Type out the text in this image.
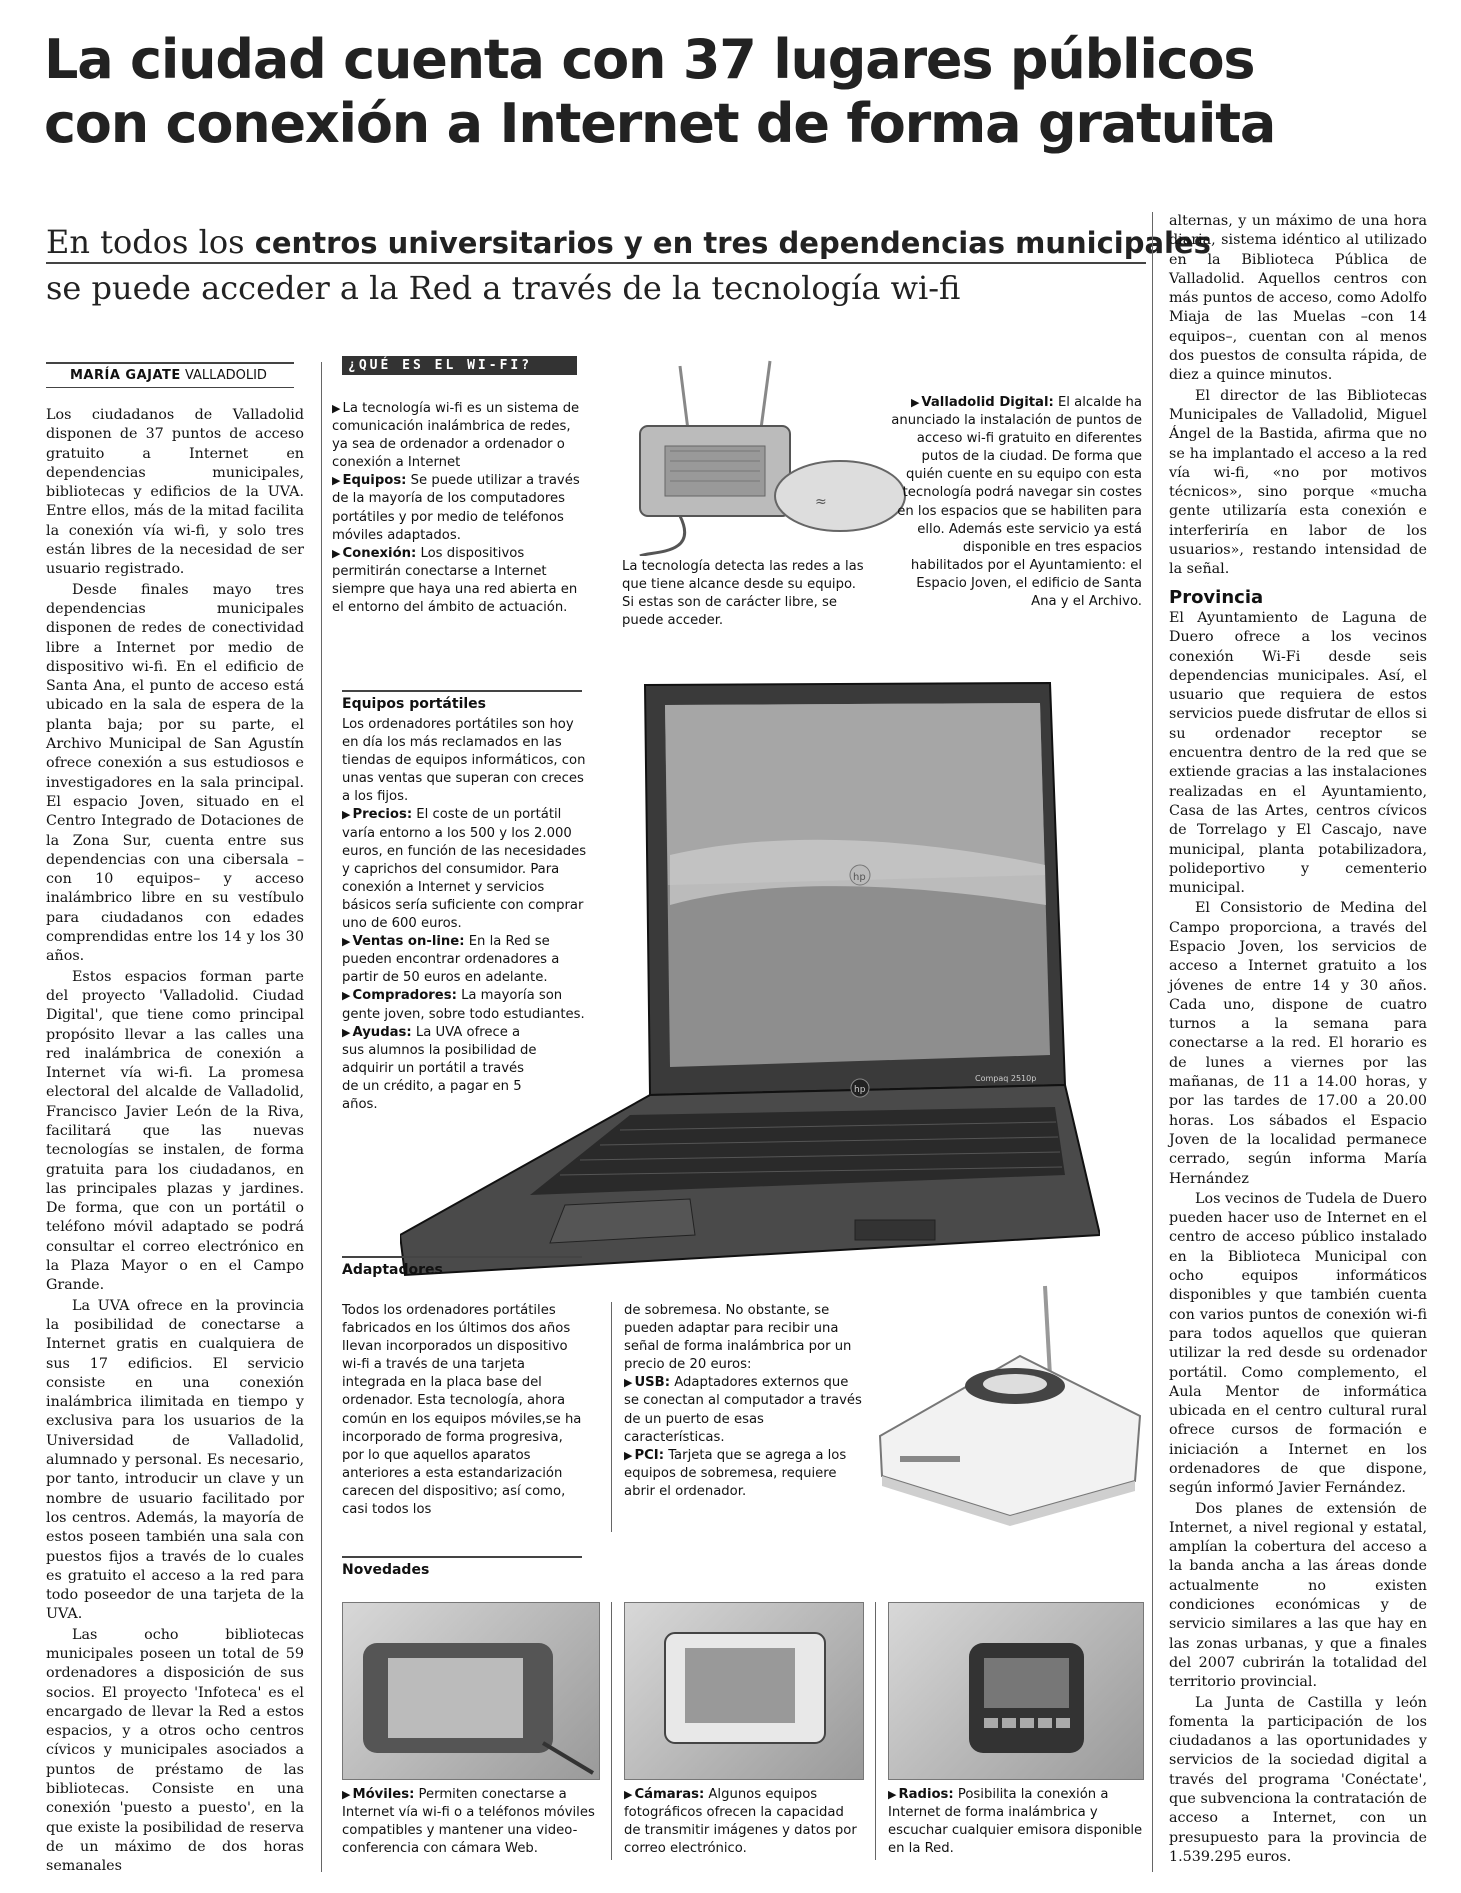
La ciudad cuenta con 37 lugares públicos
con conexión a Internet de forma gratuita
En todos los centros universitarios y en tres dependencias municipales
se puede acceder a la Red a través de la tecnología wi-fi
MARÍA GAJATE VALLADOLID

Los ciudadanos de Valladolid disponen de 37 puntos de acceso gratuito a Internet en dependencias municipales, bibliotecas y edificios de la UVA. Entre ellos, más de la mitad facilita la conexión vía wi-fi, y solo tres están libres de la necesidad de ser usuario registrado.

Desde finales mayo tres dependencias municipales disponen de redes de conectividad libre a Internet por medio de dispositivo wi-fi. En el edificio de Santa Ana, el punto de acceso está ubicado en la sala de espera de la planta baja; por su parte, el Archivo Municipal de San Agustín ofrece conexión a sus estudiosos e investigadores en la sala principal. El espacio Joven, situado en el Centro Integrado de Dotaciones de la Zona Sur, cuenta entre sus dependencias con una cibersala –con 10 equipos– y acceso inalámbrico libre en su vestíbulo para ciudadanos con edades comprendidas entre los 14 y los 30 años.

Estos espacios forman parte del proyecto 'Valladolid. Ciudad Digital', que tiene como principal propósito llevar a las calles una red inalámbrica de conexión a Internet vía wi-fi. La promesa electoral del alcalde de Valladolid, Francisco Javier León de la Riva, facilitará que las nuevas tecnologías se instalen, de forma gratuita para los ciudadanos, en las principales plazas y jardines. De forma, que con un portátil o teléfono móvil adaptado se podrá consultar el correo electrónico en la Plaza Mayor o en el Campo Grande.

La UVA ofrece en la provincia la posibilidad de conectarse a Internet gratis en cualquiera de sus 17 edificios. El servicio consiste en una conexión inalámbrica ilimitada en tiempo y exclusiva para los usuarios de la Universidad de Valladolid, alumnado y personal. Es necesario, por tanto, introducir un clave y un nombre de usuario facilitado por los centros. Además, la mayoría de estos poseen también una sala con puestos fijos a través de lo cuales es gratuito el acceso a la red para todo poseedor de una tarjeta de la UVA.

Las ocho bibliotecas municipales poseen un total de 59 ordenadores a disposición de sus socios. El proyecto 'Infoteca' es el encargado de llevar la Red a estos espacios, y a otros ocho centros cívicos y municipales asociados a puntos de préstamo de las bibliotecas. Consiste en una conexión 'puesto a puesto', en la que existe la posibilidad de reserva de un máximo de dos horas semanales

¿QUÉ ES EL WI-FI?
▶ La tecnología wi-fi es un sistema de comunicación inalámbrica de redes, ya sea de ordenador a ordenador o conexión a Internet
▶ Equipos: Se puede utilizar a través de la mayoría de los computadores portátiles y por medio de teléfonos móviles adaptados.
▶ Conexión: Los dispositivos permitirán conectarse a Internet siempre que haya una red abierta en el entorno del ámbito de actuación.
≈
La tecnología detecta las redes a las que tiene alcance desde su equipo. Si estas son de carácter libre, se puede acceder.
▶ Valladolid Digital: El alcalde ha anunciado la instalación de puntos de acceso wi-fi gratuito en diferentes putos de la ciudad. De forma que quién cuente en su equipo con esta tecnología podrá navegar sin costes en los espacios que se habiliten para ello. Además este servicio ya está disponible en tres espacios habilitados por el Ayuntamiento: el Espacio Joven, el edificio de Santa Ana y el Archivo.
Equipos portátiles
Los ordenadores portátiles son hoy en día los más reclamados en las tiendas de equipos informáticos, con unas ventas que superan con creces a los fijos.
▶ Precios: El coste de un portátil varía entorno a los 500 y los 2.000 euros, en función de las necesidades y caprichos del consumidor. Para conexión a Internet y servicios básicos sería suficiente con comprar uno de 600 euros.
▶ Ventas on-line: En la Red se pueden encontrar ordenadores a partir de 50 euros en adelante.
▶ Compradores: La mayoría son gente joven, sobre todo estudiantes.
▶ Ayudas: La UVA ofrece a sus alumnos la posibilidad de adquirir un portátil a través de un crédito, a pagar en 5 años.
hp
hp
Compaq 2510p
Adaptadores
Todos los ordenadores portátiles fabricados en los últimos dos años llevan incorporados un dispositivo wi-fi a través de una tarjeta integrada en la placa base del ordenador. Esta tecnología, ahora común en los equipos móviles,se ha incorporado de forma progresiva, por lo que aquellos aparatos anteriores a esta estandarización carecen del dispositivo; así como, casi todos los
de sobremesa. No obstante, se pueden adaptar para recibir una señal de forma inalámbrica por un precio de 20 euros:
▶ USB: Adaptadores externos que se conectan al computador a través de un puerto de esas características.
▶ PCI: Tarjeta que se agrega a los equipos de sobremesa, requiere abrir el ordenador.
Novedades
▶ Móviles: Permiten conectarse a Internet vía wi-fi o a teléfonos móviles compatibles y mantener una video-conferencia con cámara Web.
▶ Cámaras: Algunos equipos fotográficos ofrecen la capacidad de transmitir imágenes y datos por correo electrónico.
▶ Radios: Posibilita la conexión a Internet de forma inalámbrica y escuchar cualquier emisora disponible en la Red.

alternas, y un máximo de una hora diaria, sistema idéntico al utilizado en la Biblioteca Pública de Valladolid. Aquellos centros con más puntos de acceso, como Adolfo Miaja de las Muelas –con 14 equipos–, cuentan con al menos dos puestos de consulta rápida, de diez a quince minutos.

El director de las Bibliotecas Municipales de Valladolid, Miguel Ángel de la Bastida, afirma que no se ha implantado el acceso a la red vía wi-fi, «no por motivos técnicos», sino porque «mucha gente utilizaría esta conexión e interferiría en labor de los usuarios», restando intensidad de la señal.

Provincia

El Ayuntamiento de Laguna de Duero ofrece a los vecinos conexión Wi-Fi desde seis dependencias municipales. Así, el usuario que requiera de estos servicios puede disfrutar de ellos si su ordenador receptor se encuentra dentro de la red que se extiende gracias a las instalaciones realizadas en el Ayuntamiento, Casa de las Artes, centros cívicos de Torrelago y El Cascajo, nave municipal, planta potabilizadora, polideportivo y cementerio municipal.

El Consistorio de Medina del Campo proporciona, a través del Espacio Joven, los servicios de acceso a Internet gratuito a los jóvenes de entre 14 y 30 años. Cada uno, dispone de cuatro turnos a la semana para conectarse a la red. El horario es de lunes a viernes por las mañanas, de 11 a 14.00 horas, y por las tardes de 17.00 a 20.00 horas. Los sábados el Espacio Joven de la localidad permanece cerrado, según informa María Hernández

Los vecinos de Tudela de Duero pueden hacer uso de Internet en el centro de acceso público instalado en la Biblioteca Municipal con ocho equipos informáticos disponibles y que también cuenta con varios puntos de conexión wi-fi para todos aquellos que quieran utilizar la red desde su ordenador portátil. Como complemento, el Aula Mentor de informática ubicada en el centro cultural rural ofrece cursos de formación e iniciación a Internet en los ordenadores de que dispone, según informó Javier Fernández.

Dos planes de extensión de Internet, a nivel regional y estatal, amplían la cobertura del acceso a la banda ancha a las áreas donde actualmente no existen condiciones económicas y de servicio similares a las que hay en las zonas urbanas, y que a finales del 2007 cubrirán la totalidad del territorio provincial.

La Junta de Castilla y león fomenta la participación de los ciudadanos a las oportunidades y servicios de la sociedad digital a través del programa 'Conéctate', que subvenciona la contratación de acceso a Internet, con un presupuesto para la provincia de 1.539.295 euros.
